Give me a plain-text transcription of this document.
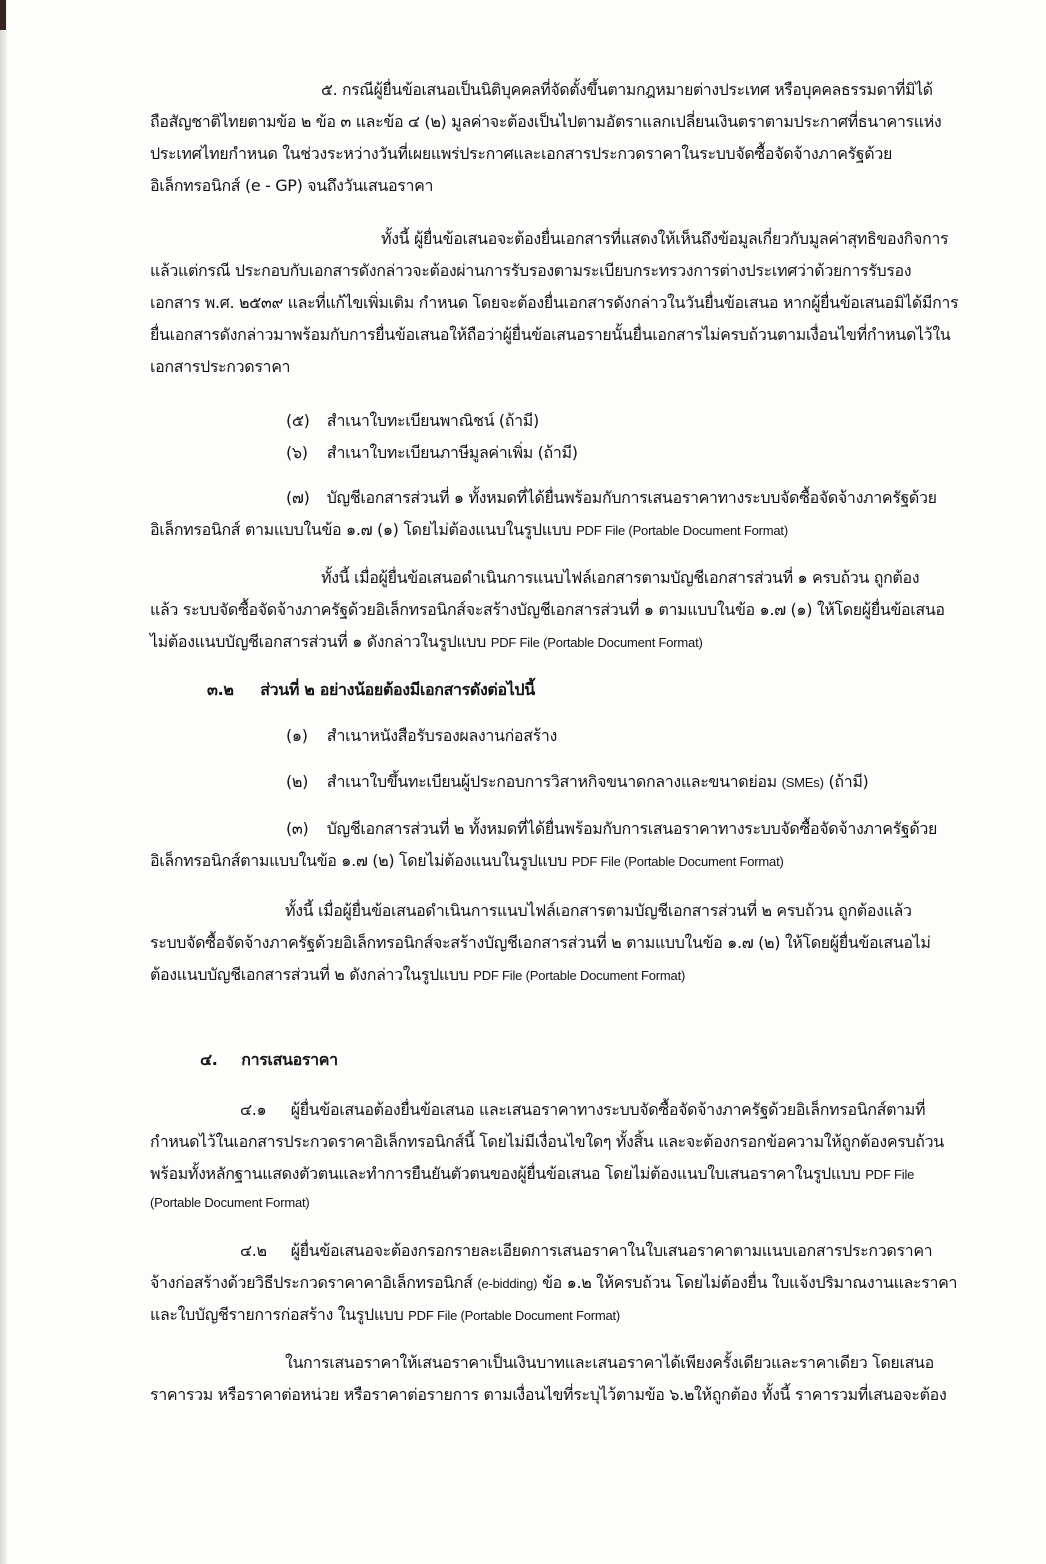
๕. กรณีผู้ยื่นข้อเสนอเป็นนิติบุคคลที่จัดตั้งขึ้นตามกฎหมายต่างประเทศ หรือบุคคลธรรมดาที่มิได้
ถือสัญชาติไทยตามข้อ ๒ ข้อ ๓ และข้อ ๔ (๒) มูลค่าจะต้องเป็นไปตามอัตราแลกเปลี่ยนเงินตราตามประกาศที่ธนาคารแห่ง
ประเทศไทยกำหนด ในช่วงระหว่างวันที่เผยแพร่ประกาศและเอกสารประกวดราคาในระบบจัดซื้อจัดจ้างภาครัฐด้วย
อิเล็กทรอนิกส์ (e - GP) จนถึงวันเสนอราคา
ทั้งนี้ ผู้ยื่นข้อเสนอจะต้องยื่นเอกสารที่แสดงให้เห็นถึงข้อมูลเกี่ยวกับมูลค่าสุทธิของกิจการ
แล้วแต่กรณี ประกอบกับเอกสารดังกล่าวจะต้องผ่านการรับรองตามระเบียบกระทรวงการต่างประเทศว่าด้วยการรับรอง
เอกสาร พ.ศ. ๒๕๓๙ และที่แก้ไขเพิ่มเติม กำหนด โดยจะต้องยื่นเอกสารดังกล่าวในวันยื่นข้อเสนอ หากผู้ยื่นข้อเสนอมิได้มีการ
ยื่นเอกสารดังกล่าวมาพร้อมกับการยื่นข้อเสนอให้ถือว่าผู้ยื่นข้อเสนอรายนั้นยื่นเอกสารไม่ครบถ้วนตามเงื่อนไขที่กำหนดไว้ใน
เอกสารประกวดราคา
(๕) สำเนาใบทะเบียนพาณิชน์ (ถ้ามี)
(๖) สำเนาใบทะเบียนภาษีมูลค่าเพิ่ม (ถ้ามี)
(๗) บัญชีเอกสารส่วนที่ ๑ ทั้งหมดที่ได้ยื่นพร้อมกับการเสนอราคาทางระบบจัดซื้อจัดจ้างภาครัฐด้วย
อิเล็กทรอนิกส์ ตามแบบในข้อ ๑.๗ (๑) โดยไม่ต้องแนบในรูปแบบ PDF File (Portable Document Format)
ทั้งนี้ เมื่อผู้ยื่นข้อเสนอดำเนินการแนบไฟล์เอกสารตามบัญชีเอกสารส่วนที่ ๑ ครบถ้วน ถูกต้อง
แล้ว ระบบจัดซื้อจัดจ้างภาครัฐด้วยอิเล็กทรอนิกส์จะสร้างบัญชีเอกสารส่วนที่ ๑ ตามแบบในข้อ ๑.๗ (๑) ให้โดยผู้ยื่นข้อเสนอ
ไม่ต้องแนบบัญชีเอกสารส่วนที่ ๑ ดังกล่าวในรูปแบบ PDF File (Portable Document Format)
๓.๒ ส่วนที่ ๒ อย่างน้อยต้องมีเอกสารดังต่อไปนี้
(๑) สำเนาหนังสือรับรองผลงานก่อสร้าง
(๒) สำเนาใบขึ้นทะเบียนผู้ประกอบการวิสาหกิจขนาดกลางและขนาดย่อม (SMEs) (ถ้ามี)
(๓) บัญชีเอกสารส่วนที่ ๒ ทั้งหมดที่ได้ยื่นพร้อมกับการเสนอราคาทางระบบจัดซื้อจัดจ้างภาครัฐด้วย
อิเล็กทรอนิกส์ตามแบบในข้อ ๑.๗ (๒) โดยไม่ต้องแนบในรูปแบบ PDF File (Portable Document Format)
ทั้งนี้ เมื่อผู้ยื่นข้อเสนอดำเนินการแนบไฟล์เอกสารตามบัญชีเอกสารส่วนที่ ๒ ครบถ้วน ถูกต้องแล้ว
ระบบจัดซื้อจัดจ้างภาครัฐด้วยอิเล็กทรอนิกส์จะสร้างบัญชีเอกสารส่วนที่ ๒ ตามแบบในข้อ ๑.๗ (๒) ให้โดยผู้ยื่นข้อเสนอไม่
ต้องแนบบัญชีเอกสารส่วนที่ ๒ ดังกล่าวในรูปแบบ PDF File (Portable Document Format)
๔. การเสนอราคา
๔.๑ ผู้ยื่นข้อเสนอต้องยื่นข้อเสนอ และเสนอราคาทางระบบจัดซื้อจัดจ้างภาครัฐด้วยอิเล็กทรอนิกส์ตามที่
กำหนดไว้ในเอกสารประกวดราคาอิเล็กทรอนิกส์นี้ โดยไม่มีเงื่อนไขใดๆ ทั้งสิ้น และจะต้องกรอกข้อความให้ถูกต้องครบถ้วน
พร้อมทั้งหลักฐานแสดงตัวตนและทำการยืนยันตัวตนของผู้ยื่นข้อเสนอ โดยไม่ต้องแนบใบเสนอราคาในรูปแบบ PDF File
(Portable Document Format)
๔.๒ ผู้ยื่นข้อเสนอจะต้องกรอกรายละเอียดการเสนอราคาในใบเสนอราคาตามแนบเอกสารประกวดราคา
จ้างก่อสร้างด้วยวิธีประกวดราคาคาอิเล็กทรอนิกส์ (e-bidding) ข้อ ๑.๒ ให้ครบถ้วน โดยไม่ต้องยื่น ใบแจ้งปริมาณงานและราคา
และใบบัญชีรายการก่อสร้าง ในรูปแบบ PDF File (Portable Document Format)
ในการเสนอราคาให้เสนอราคาเป็นเงินบาทและเสนอราคาได้เพียงครั้งเดียวและราคาเดียว โดยเสนอ
ราคารวม หรือราคาต่อหน่วย หรือราคาต่อรายการ ตามเงื่อนไขที่ระบุไว้ตามข้อ ๖.๒ให้ถูกต้อง ทั้งนี้ ราคารวมที่เสนอจะต้อง
